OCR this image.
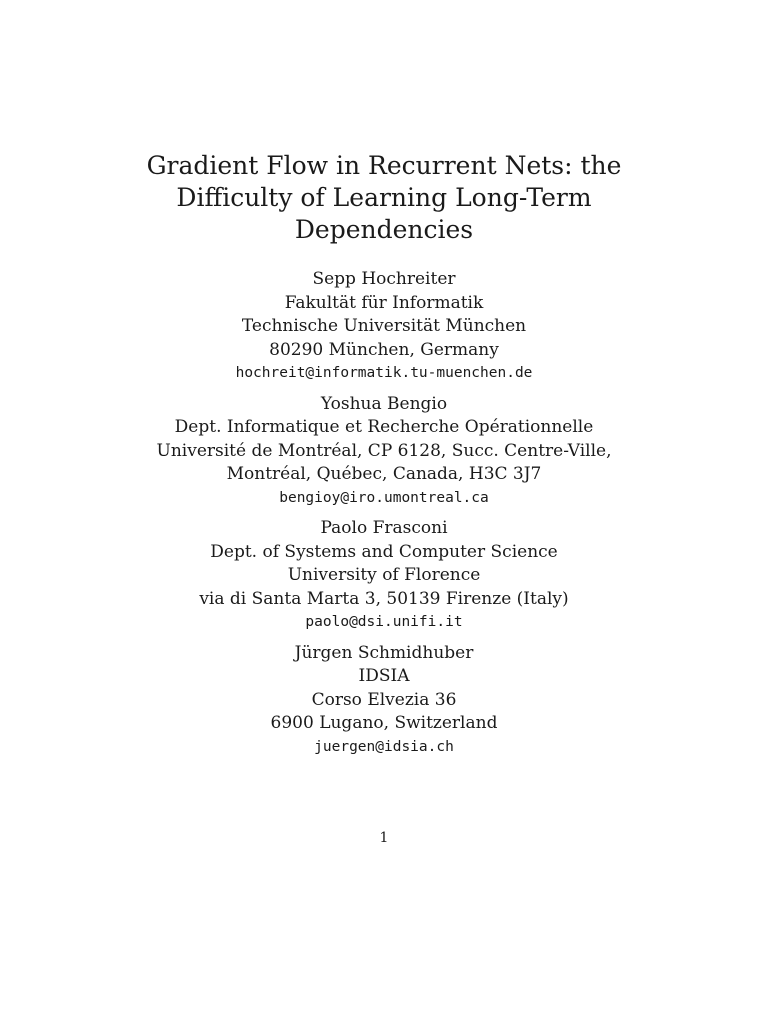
Gradient Flow in Recurrent Nets: the
Difficulty of Learning Long-Term
Dependencies
Sepp Hochreiter
Fakultät für Informatik
Technische Universität München
80290 München, Germany
hochreit@informatik.tu-muenchen.de
Yoshua Bengio
Dept. Informatique et Recherche Opérationnelle
Université de Montréal, CP 6128, Succ. Centre-Ville,
Montréal, Québec, Canada, H3C 3J7
bengioy@iro.umontreal.ca
Paolo Frasconi
Dept. of Systems and Computer Science
University of Florence
via di Santa Marta 3, 50139 Firenze (Italy)
paolo@dsi.unifi.it
Jürgen Schmidhuber
IDSIA
Corso Elvezia 36
6900 Lugano, Switzerland
juergen@idsia.ch
1
